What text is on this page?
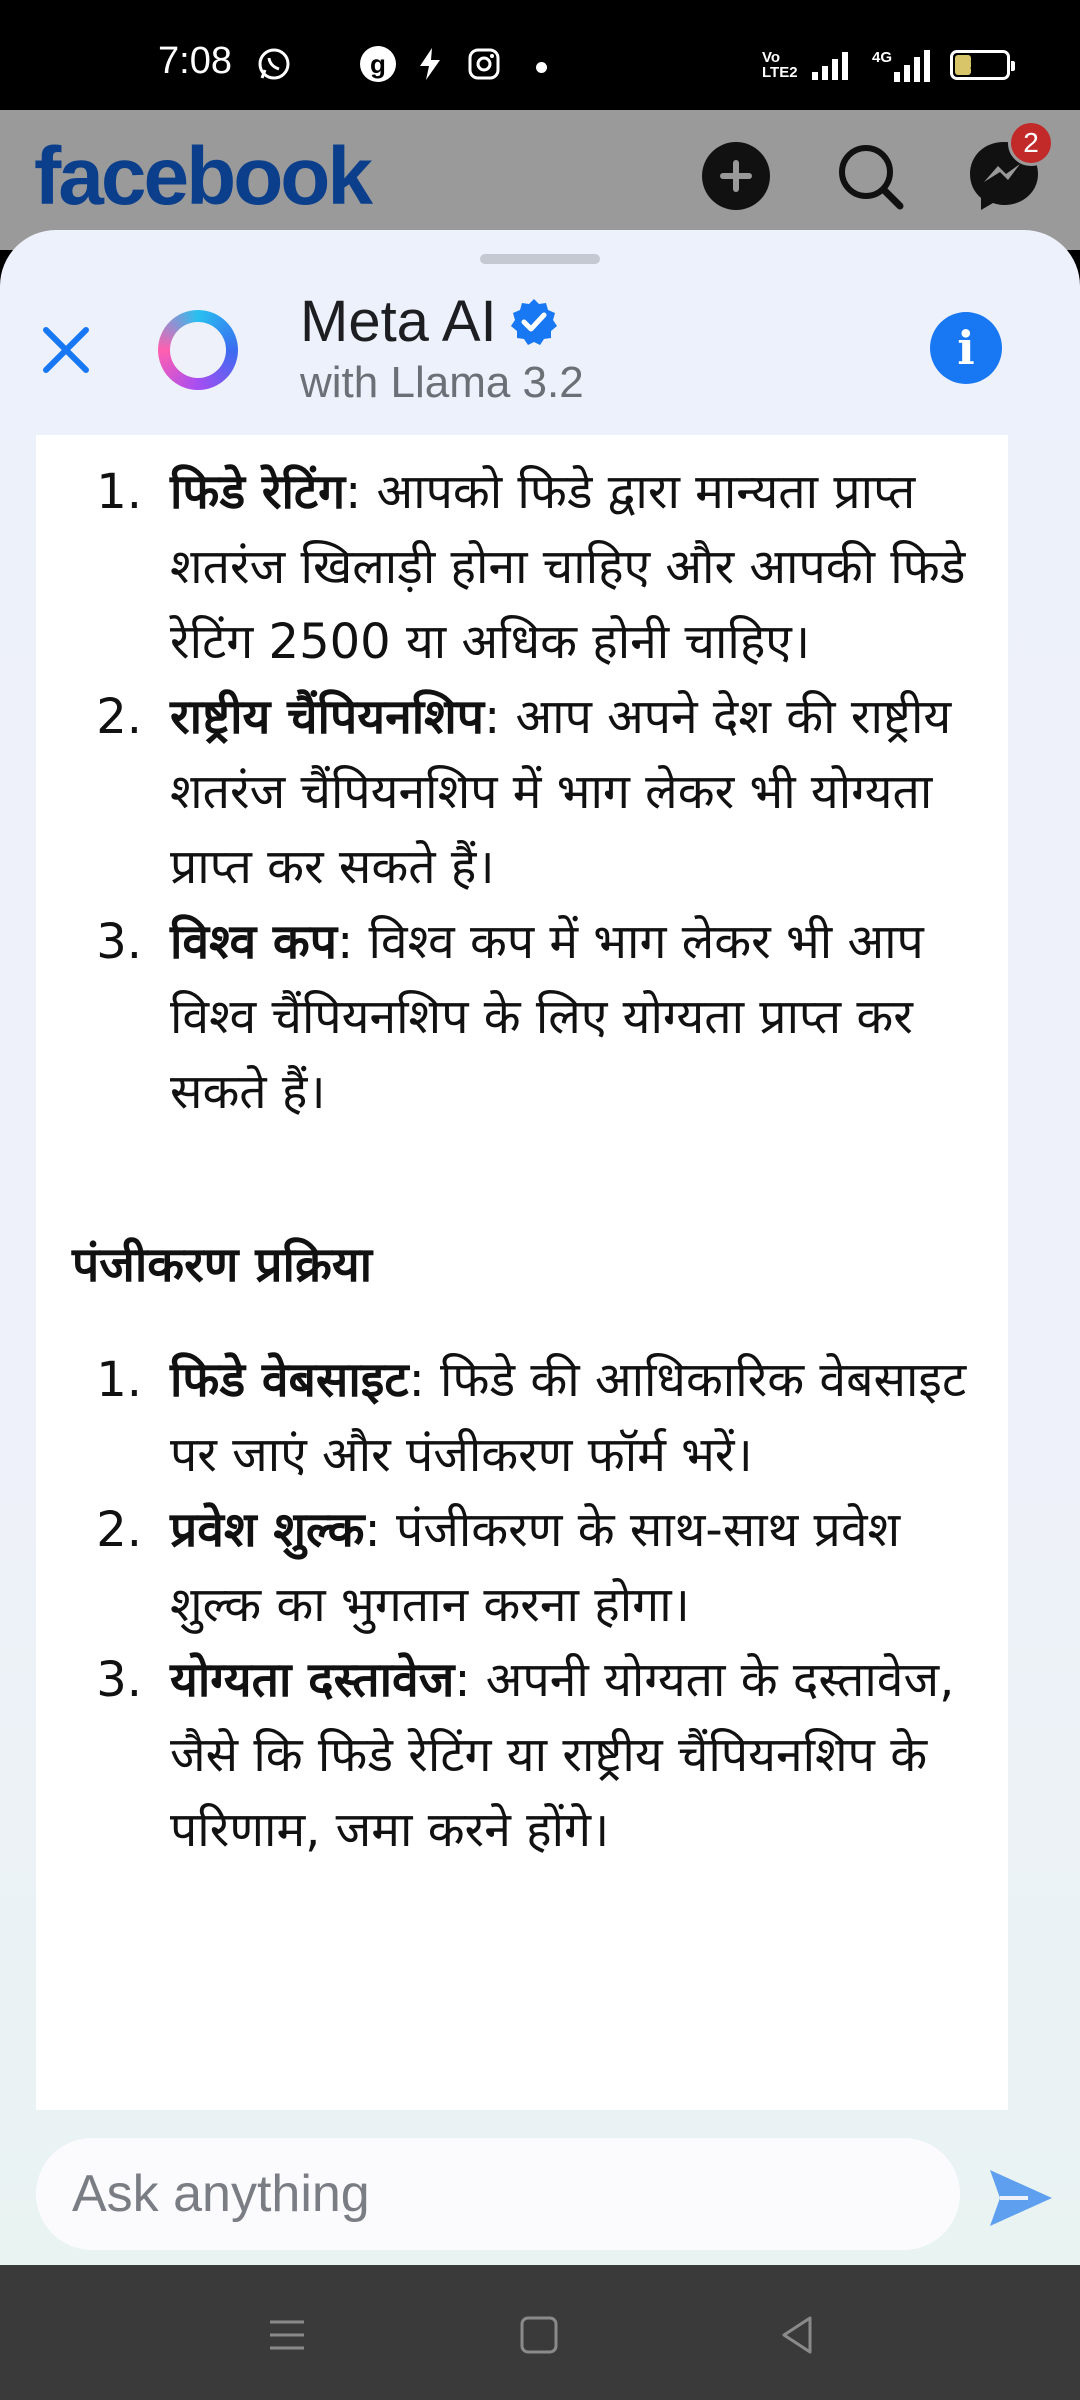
7:08	g	Vo
LTE2
4G	32
facebook	2
Meta AI
with Llama 3.2
i
1. फिडे रेटिंग: आपको फिडे द्वारा मान्यता प्राप्त शतरंज खिलाड़ी होना चाहिए और आपकी फिडे रेटिंग 2500 या अधिक होनी चाहिए।
2. राष्ट्रीय चैंपियनशिप: आप अपने देश की राष्ट्रीय शतरंज चैंपियनशिप में भाग लेकर भी योग्यता प्राप्त कर सकते हैं।
3. विश्व कप: विश्व कप में भाग लेकर भी आप विश्व चैंपियनशिप के लिए योग्यता प्राप्त कर सकते हैं।
पंजीकरण प्रक्रिया
1. फिडे वेबसाइट: फिडे की आधिकारिक वेबसाइट पर जाएं और पंजीकरण फॉर्म भरें।
2. प्रवेश शुल्क: पंजीकरण के साथ-साथ प्रवेश शुल्क का भुगतान करना होगा।
3. योग्यता दस्तावेज: अपनी योग्यता के दस्तावेज, जैसे कि फिडे रेटिंग या राष्ट्रीय चैंपियनशिप के परिणाम, जमा करने होंगे।
Ask anything
